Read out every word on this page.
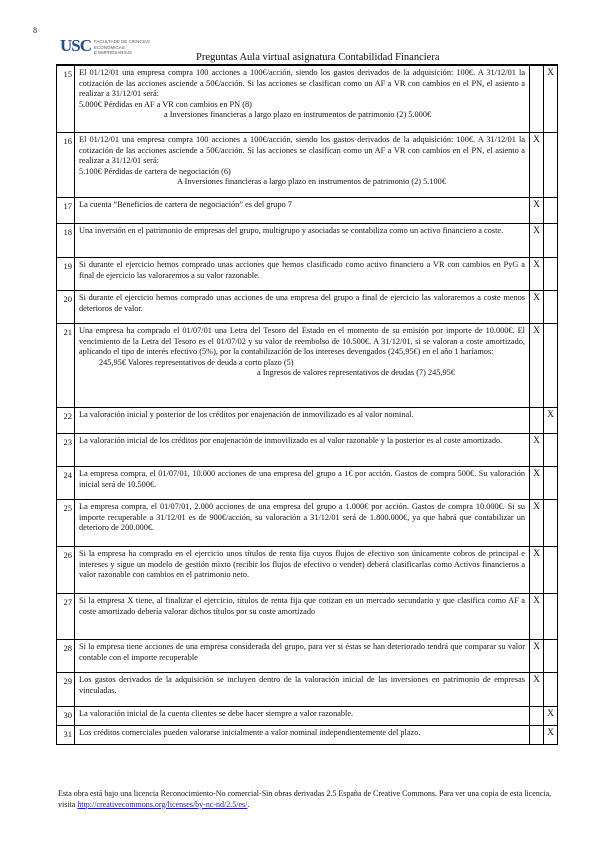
8
USC FACULTADE DE CIENCIAS ECONÓMICAS
E EMPRESARIAIS	Preguntas Aula virtual asignatura Contabilidad Financiera
15	El 01/12/01 una empresa compra 100 acciones a 100€/acción, siendo los gastos derivados de la adquisición: 100€. A 31/12/01 la cotización de las acciones asciende a 50€/acción. Si las acciones se clasifican como un AF a VR con cambios en el PN, el asiento a realizar a 31/12/01 será:
5.000€ Pérdidas en AF a VR con cambios en PN (8)
a Inversiones financieras a largo plazo en instrumentos de patrimonio (2) 5.000€		X
16	El 01/12/01 una empresa compra 100 acciones a 100€/acción, siendo los gastos derivados de la adquisición: 100€. A 31/12/01 la cotización de las acciones asciende a 50€/acción. Si las acciones se clasifican como un AF a VR con cambios en el PN, el asiento a realizar a 31/12/01 será:
5.100€ Pérdidas de cartera de negociación (6)
A Inversiones financieras a largo plazo en instrumentos de patrimonio (2) 5.100€	X	
17	La cuenta “Beneficios de cartera de negociación” es del grupo 7	X	
18	Una inversión en el patrimonio de empresas del grupo, multigrupo y asociadas se contabiliza como un activo financiero a coste.	X	
19	Si durante el ejercicio hemos comprado unas acciones que hemos clasificado como activo financiero a VR con cambios en PyG a final de ejercicio las valoraremos a su valor razonable.	X	
20	Si durante el ejercicio hemos comprado unas acciones de una empresa del grupo a final de ejercicio las valoraremos a coste menos deterioros de valor.	X	
21	Una empresa ha comprado el 01/07/01 una Letra del Tesoro del Estado en el momento de su emisión por importe de 10.000€. El vencimiento de la Letra del Tesoro es el 01/07/02 y su valor de reembolso de 10.500€. A 31/12/01, si se valoran a coste amortizado, aplicando el tipo de interés efectivo (5%), por la contabilización de los intereses devengados (245,95€) en el año 1 haríamos:
245,95€ Valores representativos de deuda a corto plazo (5)
a Ingresos de valores representativos de deudas (7) 245,95€	X	
22	La valoración inicial y posterior de los créditos por enajenación de inmovilizado es al valor nominal.		X
23	La valoración inicial de los créditos por enajenación de inmovilizado es al valor razonable y la posterior es al coste amortizado.	X	
24	La empresa compra, el 01/07/01, 10.000 acciones de una empresa del grupo a 1€ por acción. Gastos de compra 500€. Su valoración inicial será de 10.500€.	X	
25	La empresa compra, el 01/07/01, 2.000 acciones de una empresa del grupo a 1.000€ por acción. Gastos de compra 10.000€. Si su importe recuperable a 31/12/01 es de 900€/acción, su valoración a 31/12/01 será de 1.800.000€, ya que habrá que contabilizar un deterioro de 200.000€.	X	
26	Si la empresa ha comprado en el ejercicio unos títulos de renta fija cuyos flujos de efectivo son únicamente cobros de principal e intereses y sigue un modelo de gestión mixto (recibir los flujos de efectivo o vender) deberá clasificarlas como Activos financieros a valor razonable con cambios en el patrimonio neto.	X	
27	Si la empresa X tiene, al finalizar el ejercicio, títulos de renta fija que cotizan en un mercado secundario y que clasifica como AF a coste amortizado debería valorar dichos títulos por su coste amortizado	X	
28	Si la empresa tiene acciones de una empresa considerada del grupo, para ver si éstas se han deteriorado tendrá que comparar su valor contable con el importe recuperable	X	
29	Los gastos derivados de la adquisición se incluyen dentro de la valoración inicial de las inversiones en patrimonio de empresas vinculadas.	X	
30	La valoración inicial de la cuenta clientes se debe hacer siempre a valor razonable.		X
31	Los créditos comerciales pueden valorarse inicialmente a valor nominal independientemente del plazo.		X
Esta obra está bajo una licencia Reconocimiento-No comercial-Sin obras derivadas 2.5 España de Creative Commons. Para ver una copia de esta licencia, visita http://creativecommons.org/licenses/by-nc-nd/2.5/es/.
